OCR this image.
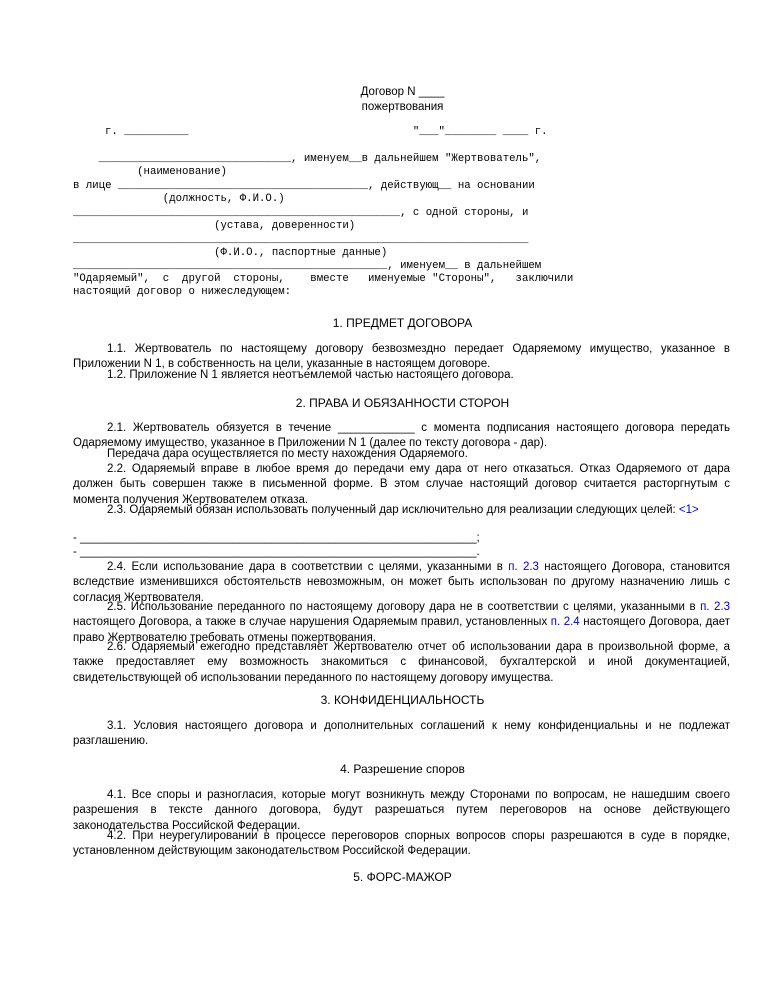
Договор N ____
пожертвования
г. __________                                   "___"________ ____ г.
______________________________, именуем__в дальнейшем "Жертвователь",
(наименование)
в лице _______________________________________, действующ__ на основании
(должность, Ф.И.О.)
___________________________________________________, с одной стороны, и
(устава, доверенности)
_______________________________________________________________________
(Ф.И.О., паспортные данные)
_________________________________________________, именуем__ в дальнейшем
"Одаряемый",  с  другой  стороны,    вместе   именуемые "Стороны",   заключили
настоящий договор о нижеследующем:
1. ПРЕДМЕТ ДОГОВОРА
1.1. Жертвователь по настоящему договору безвозмездно передает Одаряемому имущество, указанное в Приложении N 1, в собственность на цели, указанные в настоящем договоре.
1.2. Приложение N 1 является неотъемлемой частью настоящего договора.
2. ПРАВА И ОБЯЗАННОСТИ СТОРОН
2.1. Жертвователь обязуется в течение ____________ с момента подписания настоящего договора передать Одаряемому имущество, указанное в Приложении N 1 (далее по тексту договора - дар).
Передача дара осуществляется по месту нахождения Одаряемого.
2.2. Одаряемый вправе в любое время до передачи ему дара от него отказаться. Отказ Одаряемого от дара должен быть совершен также в письменной форме. В этом случае настоящий договор считается расторгнутым с момента получения Жертвователем отказа.
2.3. Одаряемый обязан использовать полученный дар исключительно для реализации следующих целей: <1>
- ______________________________________________________________;
- ______________________________________________________________.
2.4. Если использование дара в соответствии с целями, указанными в п. 2.3 настоящего Договора, становится вследствие изменившихся обстоятельств невозможным, он может быть использован по другому назначению лишь с согласия Жертвователя.
2.5. Использование переданного по настоящему договору дара не в соответствии с целями, указанными в п. 2.3 настоящего Договора, а также в случае нарушения Одаряемым правил, установленных п. 2.4 настоящего Договора, дает право Жертвователю требовать отмены пожертвования.
2.6. Одаряемый ежегодно представляет Жертвователю отчет об использовании дара в произвольной форме, а также предоставляет ему возможность знакомиться с финансовой, бухгалтерской и иной документацией, свидетельствующей об использовании переданного по настоящему договору имущества.
3. КОНФИДЕНЦИАЛЬНОСТЬ
3.1. Условия настоящего договора и дополнительных соглашений к нему конфиденциальны и не подлежат разглашению.
4. Разрешение споров
4.1. Все споры и разногласия, которые могут возникнуть между Сторонами по вопросам, не нашедшим своего разрешения в тексте данного договора, будут разрешаться путем переговоров на основе действующего законодательства Российской Федерации.
4.2. При неурегулировании в процессе переговоров спорных вопросов споры разрешаются в суде в порядке, установленном действующим законодательством Российской Федерации.
5. ФОРС-МАЖОР
